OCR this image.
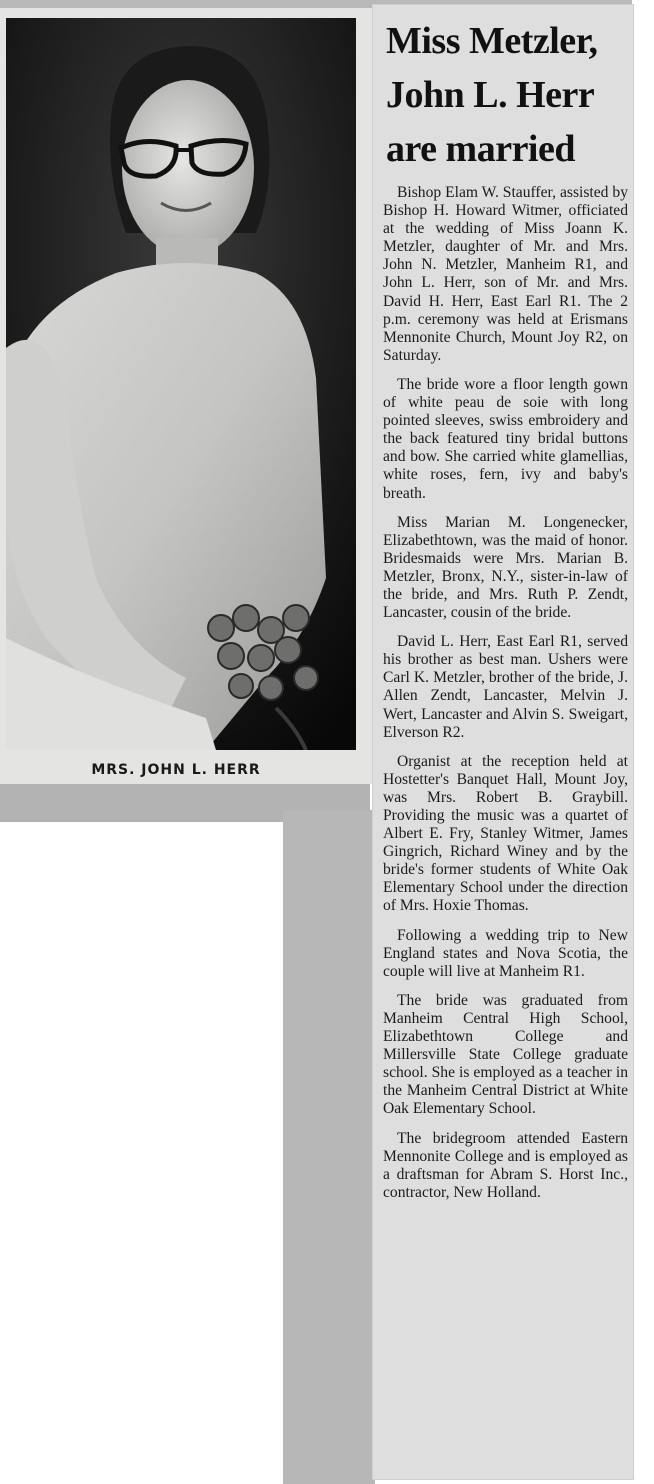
MRS. JOHN L. HERR
Miss Metzler,
John L. Herr
are married

Bishop Elam W. Stauffer, assisted by Bishop H. Howard Witmer, officiated at the wedding of Miss Joann K. Metzler, daughter of Mr. and Mrs. John N. Metzler, Manheim R1, and John L. Herr, son of Mr. and Mrs. David H. Herr, East Earl R1. The 2 p.m. ceremony was held at Erismans Mennonite Church, Mount Joy R2, on Saturday.

The bride wore a floor length gown of white peau de soie with long pointed sleeves, swiss embroidery and the back featured tiny bridal buttons and bow. She carried white glamellias, white roses, fern, ivy and baby's breath.

Miss Marian M. Longenecker, Elizabethtown, was the maid of honor. Bridesmaids were Mrs. Marian B. Metzler, Bronx, N.Y., sister-in-law of the bride, and Mrs. Ruth P. Zendt, Lancaster, cousin of the bride.

David L. Herr, East Earl R1, served his brother as best man. Ushers were Carl K. Metzler, brother of the bride, J. Allen Zendt, Lancaster, Melvin J. Wert, Lancaster and Alvin S. Sweigart, Elverson R2.

Organist at the reception held at Hostetter's Banquet Hall, Mount Joy, was Mrs. Robert B. Graybill. Providing the music was a quartet of Albert E. Fry, Stanley Witmer, James Gingrich, Richard Winey and by the bride's former students of White Oak Elementary School under the direction of Mrs. Hoxie Thomas.

Following a wedding trip to New England states and Nova Scotia, the couple will live at Manheim R1.

The bride was graduated from Manheim Central High School, Elizabethtown College and Millersville State College graduate school. She is employed as a teacher in the Manheim Central District at White Oak Elementary School.

The bridegroom attended Eastern Mennonite College and is employed as a draftsman for Abram S. Horst Inc., contractor, New Holland.
